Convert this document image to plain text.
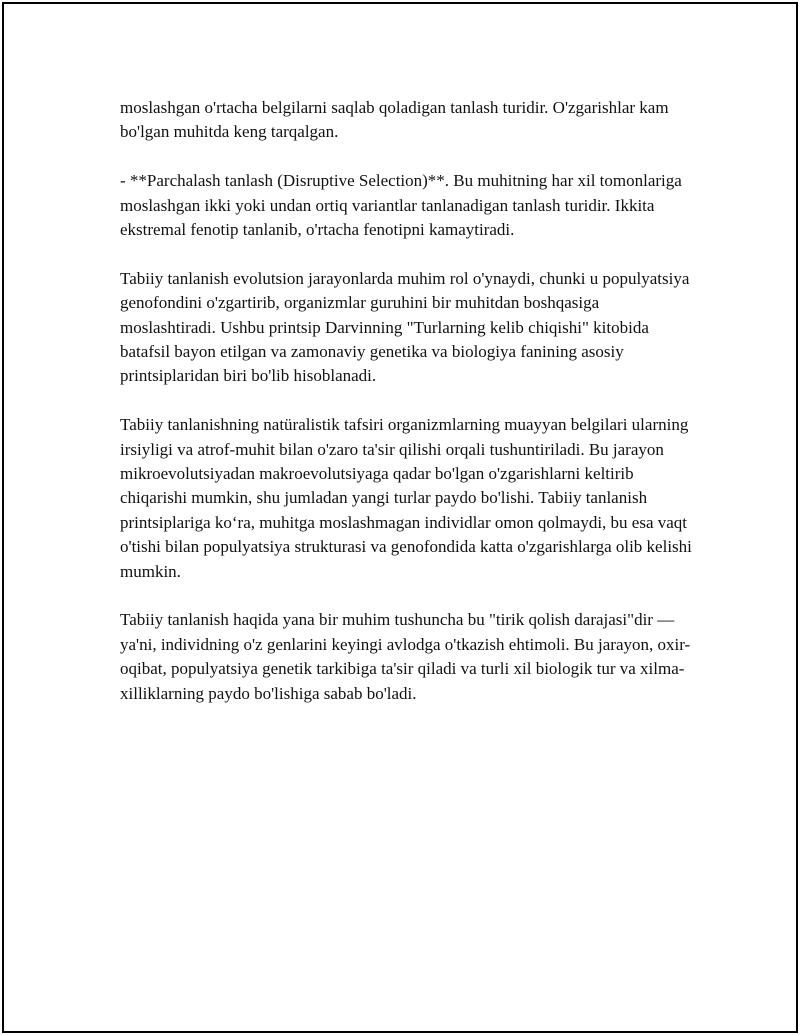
moslashgan o'rtacha belgilarni saqlab qoladigan tanlash turidir. O'zgarishlar kam bo'lgan muhitda keng tarqalgan.

- **Parchalash tanlash (Disruptive Selection)**. Bu muhitning har xil tomonlariga moslashgan ikki yoki undan ortiq variantlar tanlanadigan tanlash turidir. Ikkita ekstremal fenotip tanlanib, o'rtacha fenotipni kamaytiradi.

Tabiiy tanlanish evolutsion jarayonlarda muhim rol o'ynaydi, chunki u populyatsiya genofondini o'zgartirib, organizmlar guruhini bir muhitdan boshqasiga moslashtiradi. Ushbu printsip Darvinning "Turlarning kelib chiqishi" kitobida batafsil bayon etilgan va zamonaviy genetika va biologiya fanining asosiy printsiplaridan biri bo'lib hisoblanadi.

Tabiiy tanlanishning natüralistik tafsiri organizmlarning muayyan belgilari ularning irsiyligi va atrof-muhit bilan o'zaro ta'sir qilishi orqali tushuntiriladi. Bu jarayon mikroevolutsiyadan makroevolutsiyaga qadar bo'lgan o'zgarishlarni keltirib chiqarishi mumkin, shu jumladan yangi turlar paydo bo'lishi. Tabiiy tanlanish printsiplariga ko‘ra, muhitga moslashmagan individlar omon qolmaydi, bu esa vaqt o'tishi bilan populyatsiya strukturasi va genofondida katta o'zgarishlarga olib kelishi mumkin.

Tabiiy tanlanish haqida yana bir muhim tushuncha bu "tirik qolish darajasi"dir — ya'ni, individning o'z genlarini keyingi avlodga o'tkazish ehtimoli. Bu jarayon, oxir-oqibat, populyatsiya genetik tarkibiga ta'sir qiladi va turli xil biologik tur va xilma-xilliklarning paydo bo'lishiga sabab bo'ladi.
